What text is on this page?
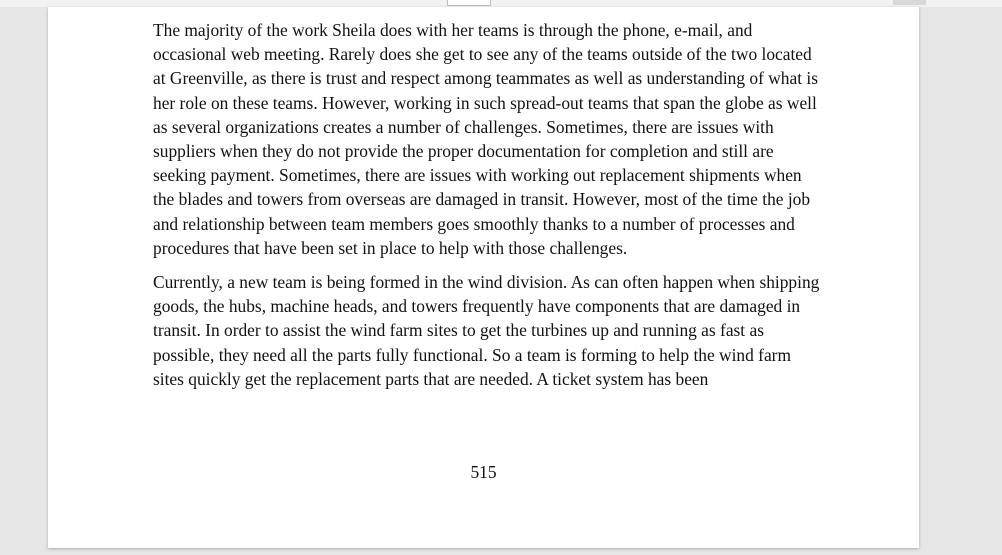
The majority of the work Sheila does with her teams is through the phone, e-mail, and occasional web meeting. Rarely does she get to see any of the teams outside of the two located at Greenville, as there is trust and respect among teammates as well as understanding of what is her role on these teams. However, working in such spread-out teams that span the globe as well as several organizations creates a number of challenges. Sometimes, there are issues with suppliers when they do not provide the proper documentation for completion and still are seeking payment. Sometimes, there are issues with working out replacement shipments when the blades and towers from overseas are damaged in transit. However, most of the time the job and relationship between team members goes smoothly thanks to a number of processes and procedures that have been set in place to help with those challenges.

Currently, a new team is being formed in the wind division. As can often happen when shipping goods, the hubs, machine heads, and towers frequently have components that are damaged in transit. In order to assist the wind farm sites to get the turbines up and running as fast as possible, they need all the parts fully functional. So a team is forming to help the wind farm sites quickly get the replacement parts that are needed. A ticket system has been

515
